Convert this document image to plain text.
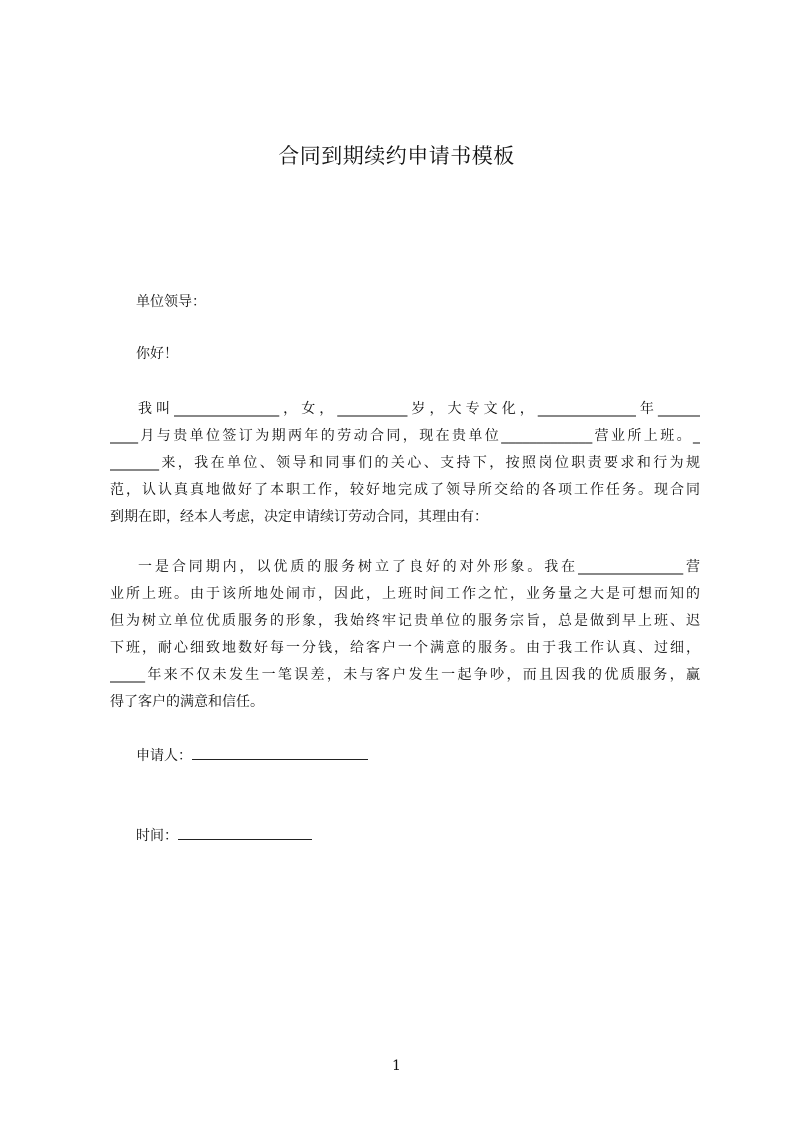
合同到期续约申请书模板
单位领导：
你好！
我叫_______________，女，__________岁，大专文化，______________年______
____月与贵单位签订为期两年的劳动合同，现在贵单位_____________营业所上班。_
_______来，我在单位、领导和同事们的关心、支持下，按照岗位职责要求和行为规
范，认认真真地做好了本职工作，较好地完成了领导所交给的各项工作任务。现合同
到期在即，经本人考虑，决定申请续订劳动合同，其理由有：
一是合同期内，以优质的服务树立了良好的对外形象。我在_______________营
业所上班。由于该所地处闹市，因此，上班时间工作之忙，业务量之大是可想而知的
但为树立单位优质服务的形象，我始终牢记贵单位的服务宗旨，总是做到早上班、迟
下班，耐心细致地数好每一分钱，给客户一个满意的服务。由于我工作认真、过细，
_____年来不仅未发生一笔误差，未与客户发生一起争吵，而且因我的优质服务，赢
得了客户的满意和信任。
申请人：
时间：
1
